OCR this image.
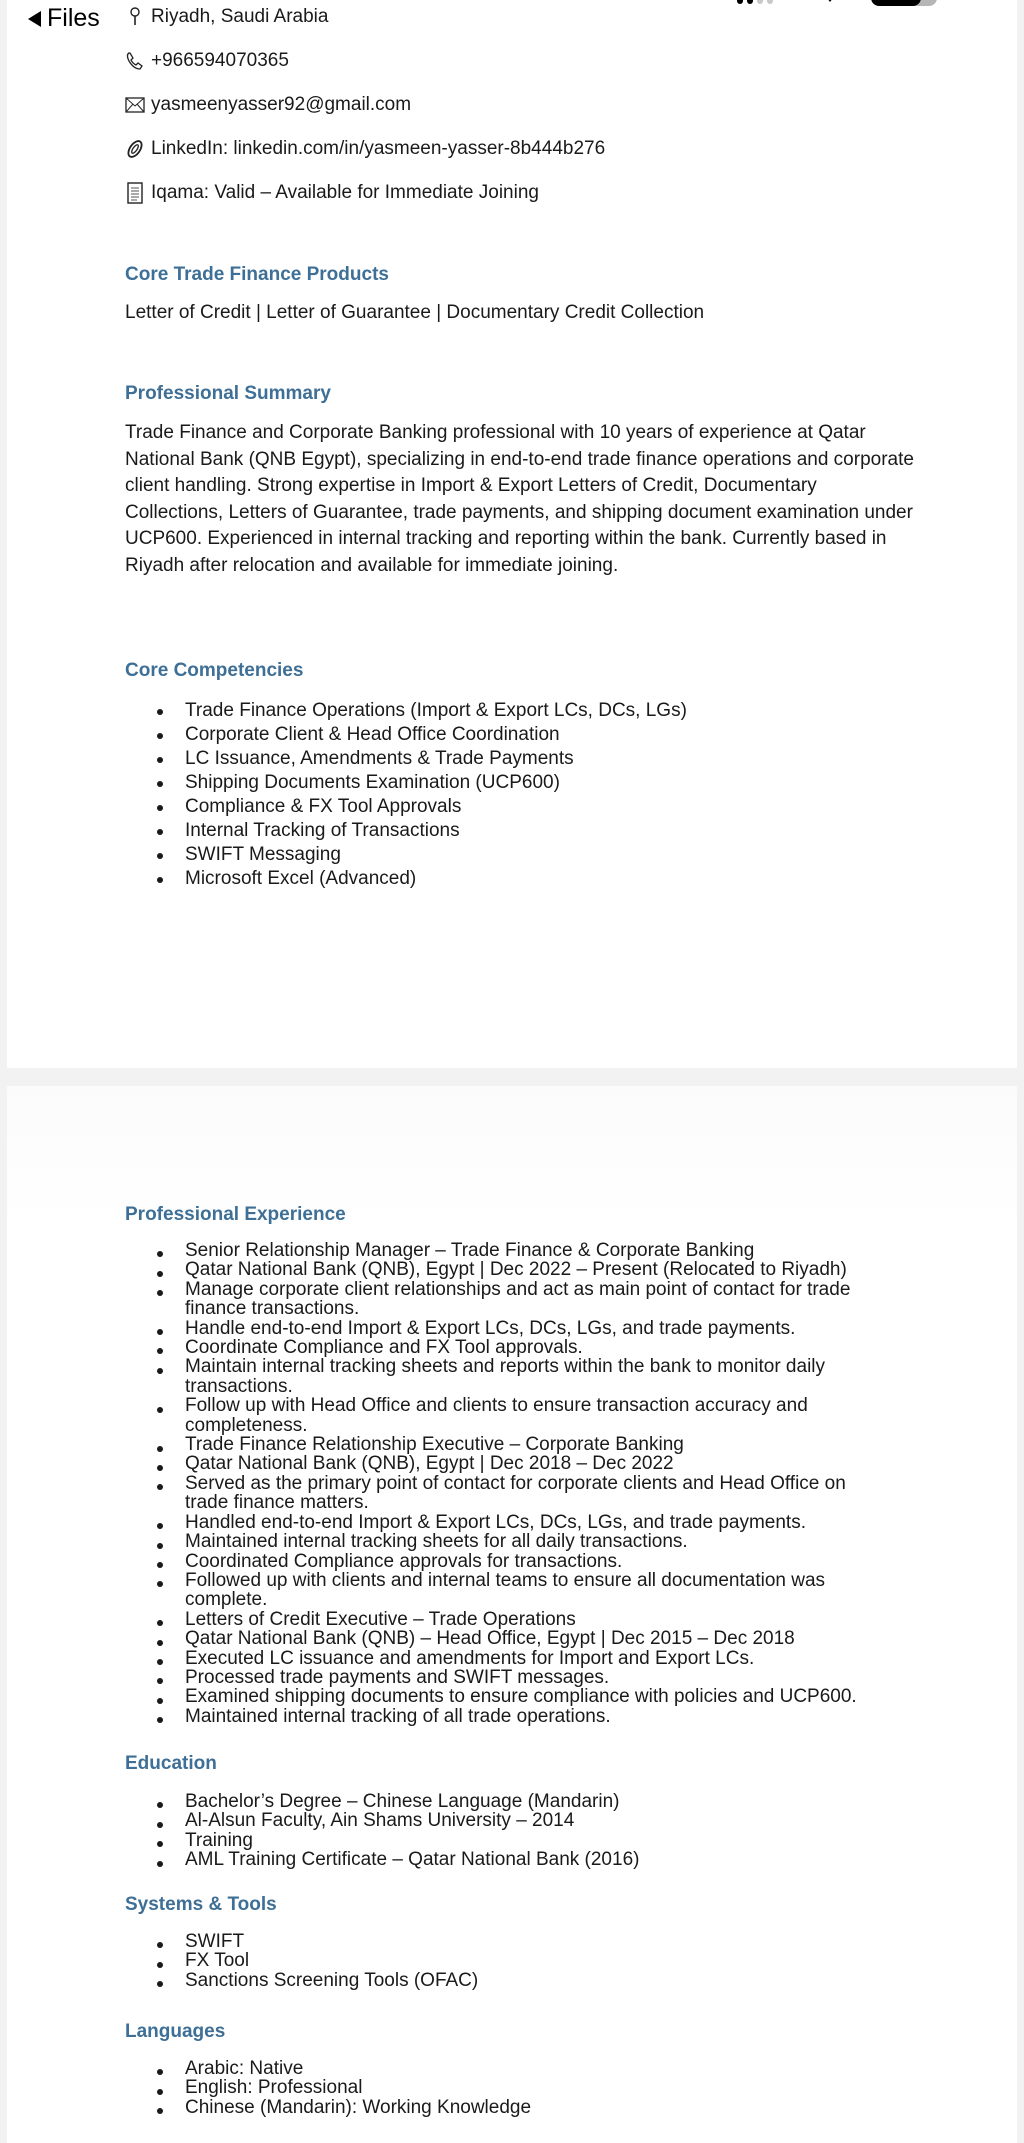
Files	Riyadh, Saudi Arabia
+966594070365
yasmeenyasser92@gmail.com
LinkedIn: linkedin.com/in/yasmeen-yasser-8b444b276
Iqama: Valid – Available for Immediate Joining
Core Trade Finance Products
Letter of Credit | Letter of Guarantee | Documentary Credit Collection
Professional Summary
Trade Finance and Corporate Banking professional with 10 years of experience at Qatar National Bank (QNB Egypt), specializing in end-to-end trade finance operations and corporate client handling. Strong expertise in Import & Export Letters of Credit, Documentary Collections, Letters of Guarantee, trade payments, and shipping document examination under UCP600. Experienced in internal tracking and reporting within the bank. Currently based in Riyadh after relocation and available for immediate joining.
Core Competencies
Trade Finance Operations (Import & Export LCs, DCs, LGs)
Corporate Client & Head Office Coordination
LC Issuance, Amendments & Trade Payments
Shipping Documents Examination (UCP600)
Compliance & FX Tool Approvals
Internal Tracking of Transactions
SWIFT Messaging
Microsoft Excel (Advanced)
Professional Experience
Senior Relationship Manager – Trade Finance & Corporate Banking
Qatar National Bank (QNB), Egypt | Dec 2022 – Present (Relocated to Riyadh)
Manage corporate client relationships and act as main point of contact for trade finance transactions.
Handle end-to-end Import & Export LCs, DCs, LGs, and trade payments.
Coordinate Compliance and FX Tool approvals.
Maintain internal tracking sheets and reports within the bank to monitor daily transactions.
Follow up with Head Office and clients to ensure transaction accuracy and completeness.
Trade Finance Relationship Executive – Corporate Banking
Qatar National Bank (QNB), Egypt | Dec 2018 – Dec 2022
Served as the primary point of contact for corporate clients and Head Office on trade finance matters.
Handled end-to-end Import & Export LCs, DCs, LGs, and trade payments.
Maintained internal tracking sheets for all daily transactions.
Coordinated Compliance approvals for transactions.
Followed up with clients and internal teams to ensure all documentation was complete.
Letters of Credit Executive – Trade Operations
Qatar National Bank (QNB) – Head Office, Egypt | Dec 2015 – Dec 2018
Executed LC issuance and amendments for Import and Export LCs.
Processed trade payments and SWIFT messages.
Examined shipping documents to ensure compliance with policies and UCP600.
Maintained internal tracking of all trade operations.
Education
Bachelor’s Degree – Chinese Language (Mandarin)
Al-Alsun Faculty, Ain Shams University – 2014
Training
AML Training Certificate – Qatar National Bank (2016)
Systems & Tools
SWIFT
FX Tool
Sanctions Screening Tools (OFAC)
Languages
Arabic: Native
English: Professional
Chinese (Mandarin): Working Knowledge
